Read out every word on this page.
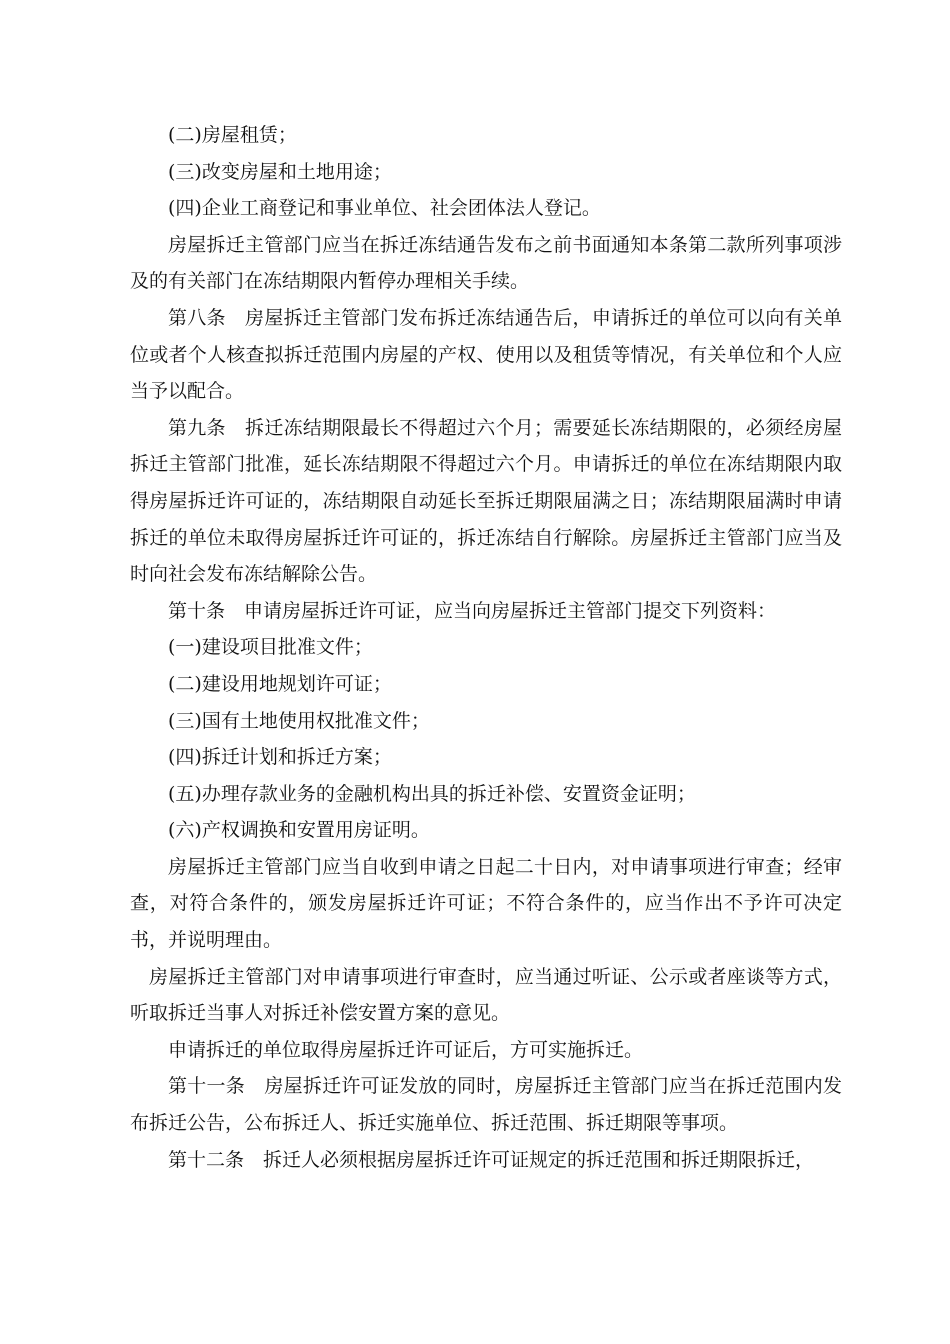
(二)房屋租赁；

(三)改变房屋和土地用途；

(四)企业工商登记和事业单位、社会团体法人登记。

房屋拆迁主管部门应当在拆迁冻结通告发布之前书面通知本条第二款所列事项涉及的有关部门在冻结期限内暂停办理相关手续。

第八条　房屋拆迁主管部门发布拆迁冻结通告后，申请拆迁的单位可以向有关单位或者个人核查拟拆迁范围内房屋的产权、使用以及租赁等情况，有关单位和个人应当予以配合。

第九条　拆迁冻结期限最长不得超过六个月；需要延长冻结期限的，必须经房屋拆迁主管部门批准，延长冻结期限不得超过六个月。申请拆迁的单位在冻结期限内取得房屋拆迁许可证的，冻结期限自动延长至拆迁期限届满之日；冻结期限届满时申请拆迁的单位未取得房屋拆迁许可证的，拆迁冻结自行解除。房屋拆迁主管部门应当及时向社会发布冻结解除公告。

第十条　申请房屋拆迁许可证，应当向房屋拆迁主管部门提交下列资料：

(一)建设项目批准文件；

(二)建设用地规划许可证；

(三)国有土地使用权批准文件；

(四)拆迁计划和拆迁方案；

(五)办理存款业务的金融机构出具的拆迁补偿、安置资金证明；

(六)产权调换和安置用房证明。

房屋拆迁主管部门应当自收到申请之日起二十日内，对申请事项进行审查；经审查，对符合条件的，颁发房屋拆迁许可证；不符合条件的，应当作出不予许可决定书，并说明理由。

房屋拆迁主管部门对申请事项进行审查时，应当通过听证、公示或者座谈等方式，听取拆迁当事人对拆迁补偿安置方案的意见。

申请拆迁的单位取得房屋拆迁许可证后，方可实施拆迁。

第十一条　房屋拆迁许可证发放的同时，房屋拆迁主管部门应当在拆迁范围内发布拆迁公告，公布拆迁人、拆迁实施单位、拆迁范围、拆迁期限等事项。

第十二条　拆迁人必须根据房屋拆迁许可证规定的拆迁范围和拆迁期限拆迁，
